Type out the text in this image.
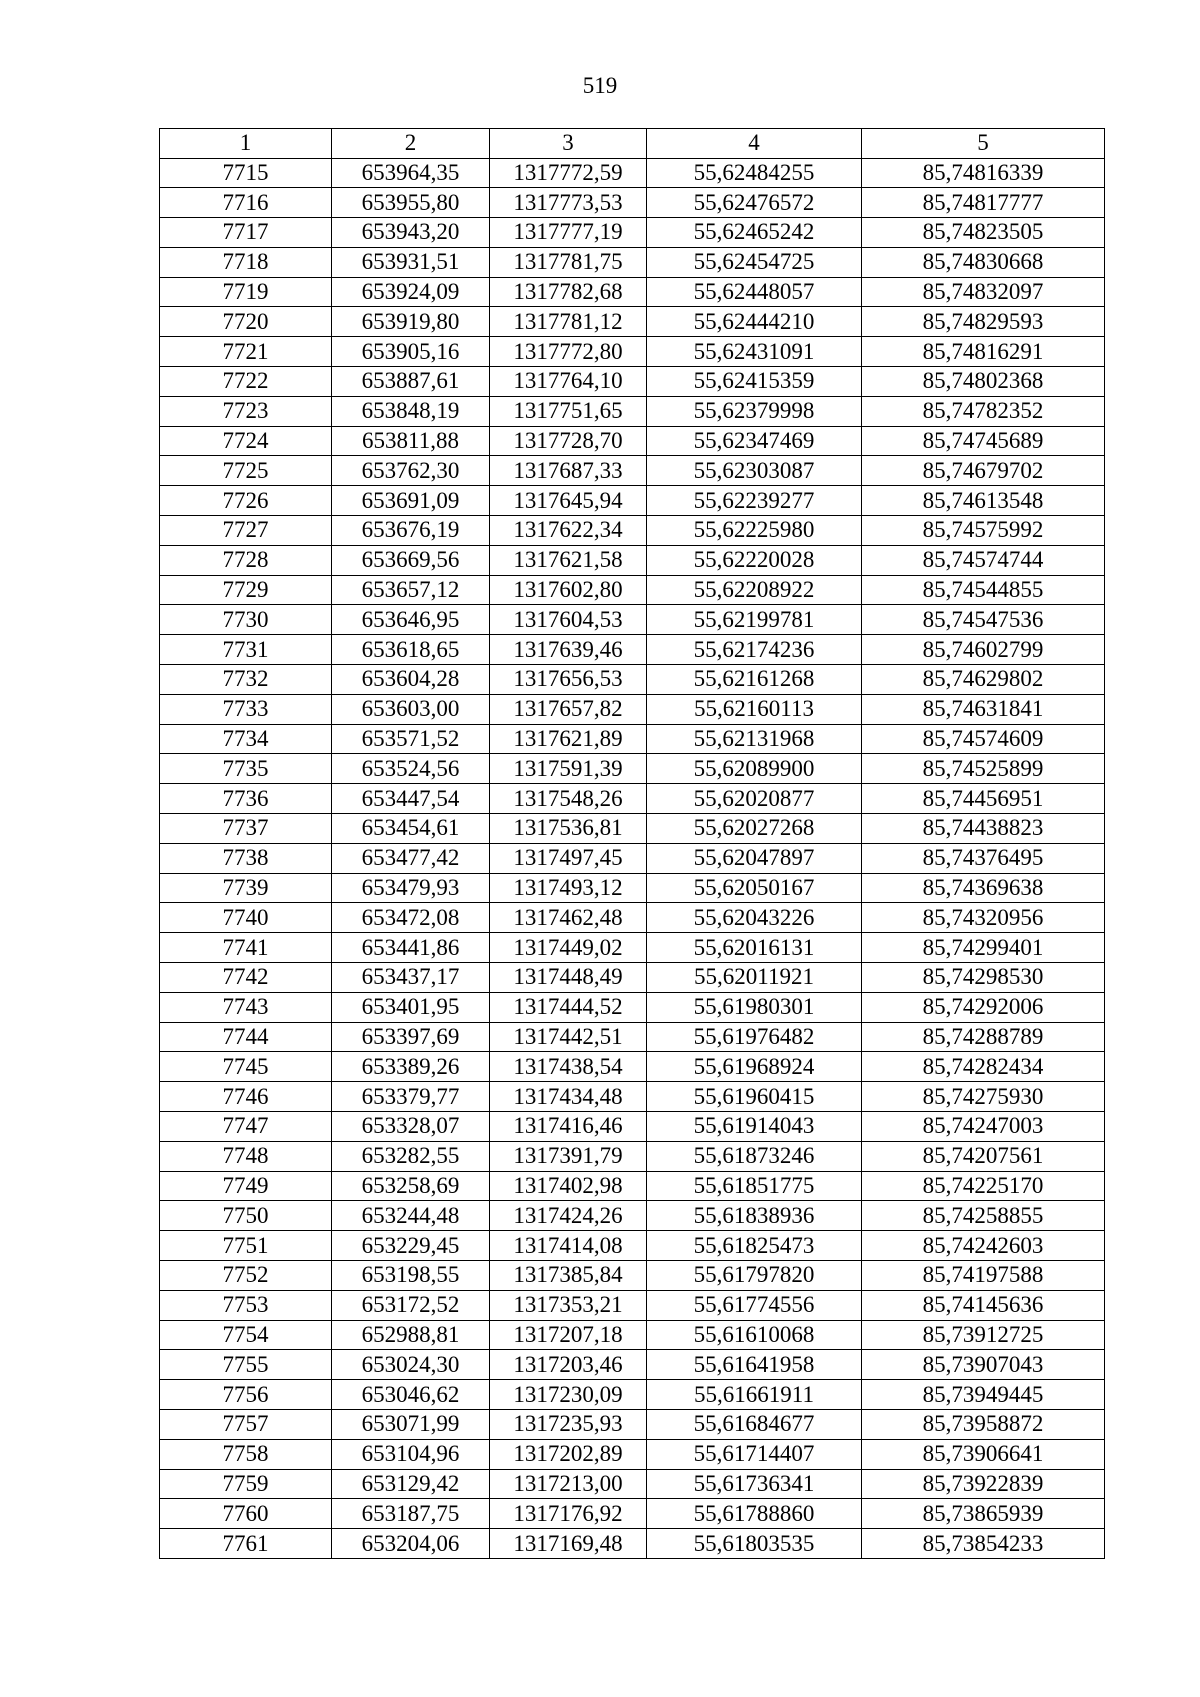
519
1	2	3	4	5
7715	653964,35	1317772,59	55,62484255	85,74816339
7716	653955,80	1317773,53	55,62476572	85,74817777
7717	653943,20	1317777,19	55,62465242	85,74823505
7718	653931,51	1317781,75	55,62454725	85,74830668
7719	653924,09	1317782,68	55,62448057	85,74832097
7720	653919,80	1317781,12	55,62444210	85,74829593
7721	653905,16	1317772,80	55,62431091	85,74816291
7722	653887,61	1317764,10	55,62415359	85,74802368
7723	653848,19	1317751,65	55,62379998	85,74782352
7724	653811,88	1317728,70	55,62347469	85,74745689
7725	653762,30	1317687,33	55,62303087	85,74679702
7726	653691,09	1317645,94	55,62239277	85,74613548
7727	653676,19	1317622,34	55,62225980	85,74575992
7728	653669,56	1317621,58	55,62220028	85,74574744
7729	653657,12	1317602,80	55,62208922	85,74544855
7730	653646,95	1317604,53	55,62199781	85,74547536
7731	653618,65	1317639,46	55,62174236	85,74602799
7732	653604,28	1317656,53	55,62161268	85,74629802
7733	653603,00	1317657,82	55,62160113	85,74631841
7734	653571,52	1317621,89	55,62131968	85,74574609
7735	653524,56	1317591,39	55,62089900	85,74525899
7736	653447,54	1317548,26	55,62020877	85,74456951
7737	653454,61	1317536,81	55,62027268	85,74438823
7738	653477,42	1317497,45	55,62047897	85,74376495
7739	653479,93	1317493,12	55,62050167	85,74369638
7740	653472,08	1317462,48	55,62043226	85,74320956
7741	653441,86	1317449,02	55,62016131	85,74299401
7742	653437,17	1317448,49	55,62011921	85,74298530
7743	653401,95	1317444,52	55,61980301	85,74292006
7744	653397,69	1317442,51	55,61976482	85,74288789
7745	653389,26	1317438,54	55,61968924	85,74282434
7746	653379,77	1317434,48	55,61960415	85,74275930
7747	653328,07	1317416,46	55,61914043	85,74247003
7748	653282,55	1317391,79	55,61873246	85,74207561
7749	653258,69	1317402,98	55,61851775	85,74225170
7750	653244,48	1317424,26	55,61838936	85,74258855
7751	653229,45	1317414,08	55,61825473	85,74242603
7752	653198,55	1317385,84	55,61797820	85,74197588
7753	653172,52	1317353,21	55,61774556	85,74145636
7754	652988,81	1317207,18	55,61610068	85,73912725
7755	653024,30	1317203,46	55,61641958	85,73907043
7756	653046,62	1317230,09	55,61661911	85,73949445
7757	653071,99	1317235,93	55,61684677	85,73958872
7758	653104,96	1317202,89	55,61714407	85,73906641
7759	653129,42	1317213,00	55,61736341	85,73922839
7760	653187,75	1317176,92	55,61788860	85,73865939
7761	653204,06	1317169,48	55,61803535	85,73854233
